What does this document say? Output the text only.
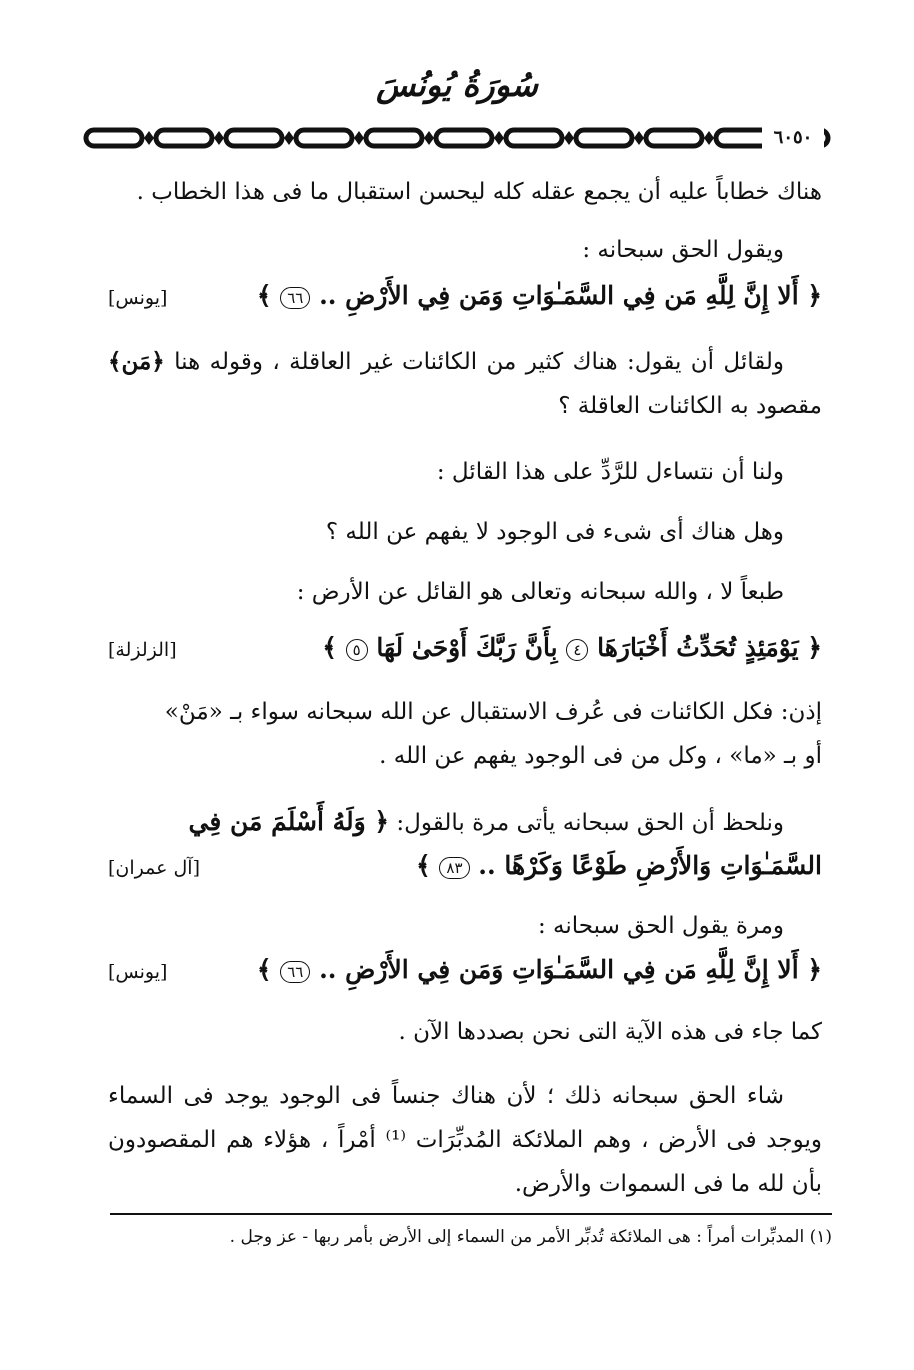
سُورَةُ يُونُسَ
٦٠٥٠
هناك خطاباً عليه أن يجمع عقله كله ليحسن استقبال ما فى هذا الخطاب .
ويقول الحق سبحانه :
﴿ أَلا إِنَّ لِلَّهِ مَن فِي السَّمَـٰوَاتِ وَمَن فِي الأَرْضِ .. ٦٦ ﴾
[يونس]
ولقائل أن يقول: هناك كثير من الكائنات غير العاقلة ، وقوله هنا ﴿مَن﴾ مقصود به الكائنات العاقلة ؟
ولنا أن نتساءل للرَّدِّ على هذا القائل :
وهل هناك أى شىء فى الوجود لا يفهم عن الله ؟
طبعاً لا ، والله سبحانه وتعالى هو القائل عن الأرض :
﴿ يَوْمَئِذٍ تُحَدِّثُ أَخْبَارَهَا ٤ بِأَنَّ رَبَّكَ أَوْحَىٰ لَهَا ٥ ﴾
[الزلزلة]
إذن: فكل الكائنات فى عُرف الاستقبال عن الله سبحانه سواء بـ «مَنْ»
أو بـ «ما» ، وكل من فى الوجود يفهم عن الله .
ونلحظ أن الحق سبحانه يأتى مرة بالقول: ﴿ وَلَهُ أَسْلَمَ مَن فِي
السَّمَـٰوَاتِ وَالأَرْضِ طَوْعًا وَكَرْهًا .. ٨٣ ﴾
[آل عمران]
ومرة يقول الحق سبحانه :
﴿ أَلا إِنَّ لِلَّهِ مَن فِي السَّمَـٰوَاتِ وَمَن فِي الأَرْضِ .. ٦٦ ﴾
[يونس]
كما جاء فى هذه الآية التى نحن بصددها الآن .
شاء الحق سبحانه ذلك ؛ لأن هناك جنساً فى الوجود يوجد فى السماء ويوجد فى الأرض ، وهم الملائكة المُدبِّرَات ⁽¹⁾ أمْراً ، هؤلاء هم المقصودون بأن لله ما فى السموات والأرض.
(١) المدبِّرات أمراً : هى الملائكة تُدبِّر الأمر من السماء إلى الأرض بأمر ربها - عز وجل .
